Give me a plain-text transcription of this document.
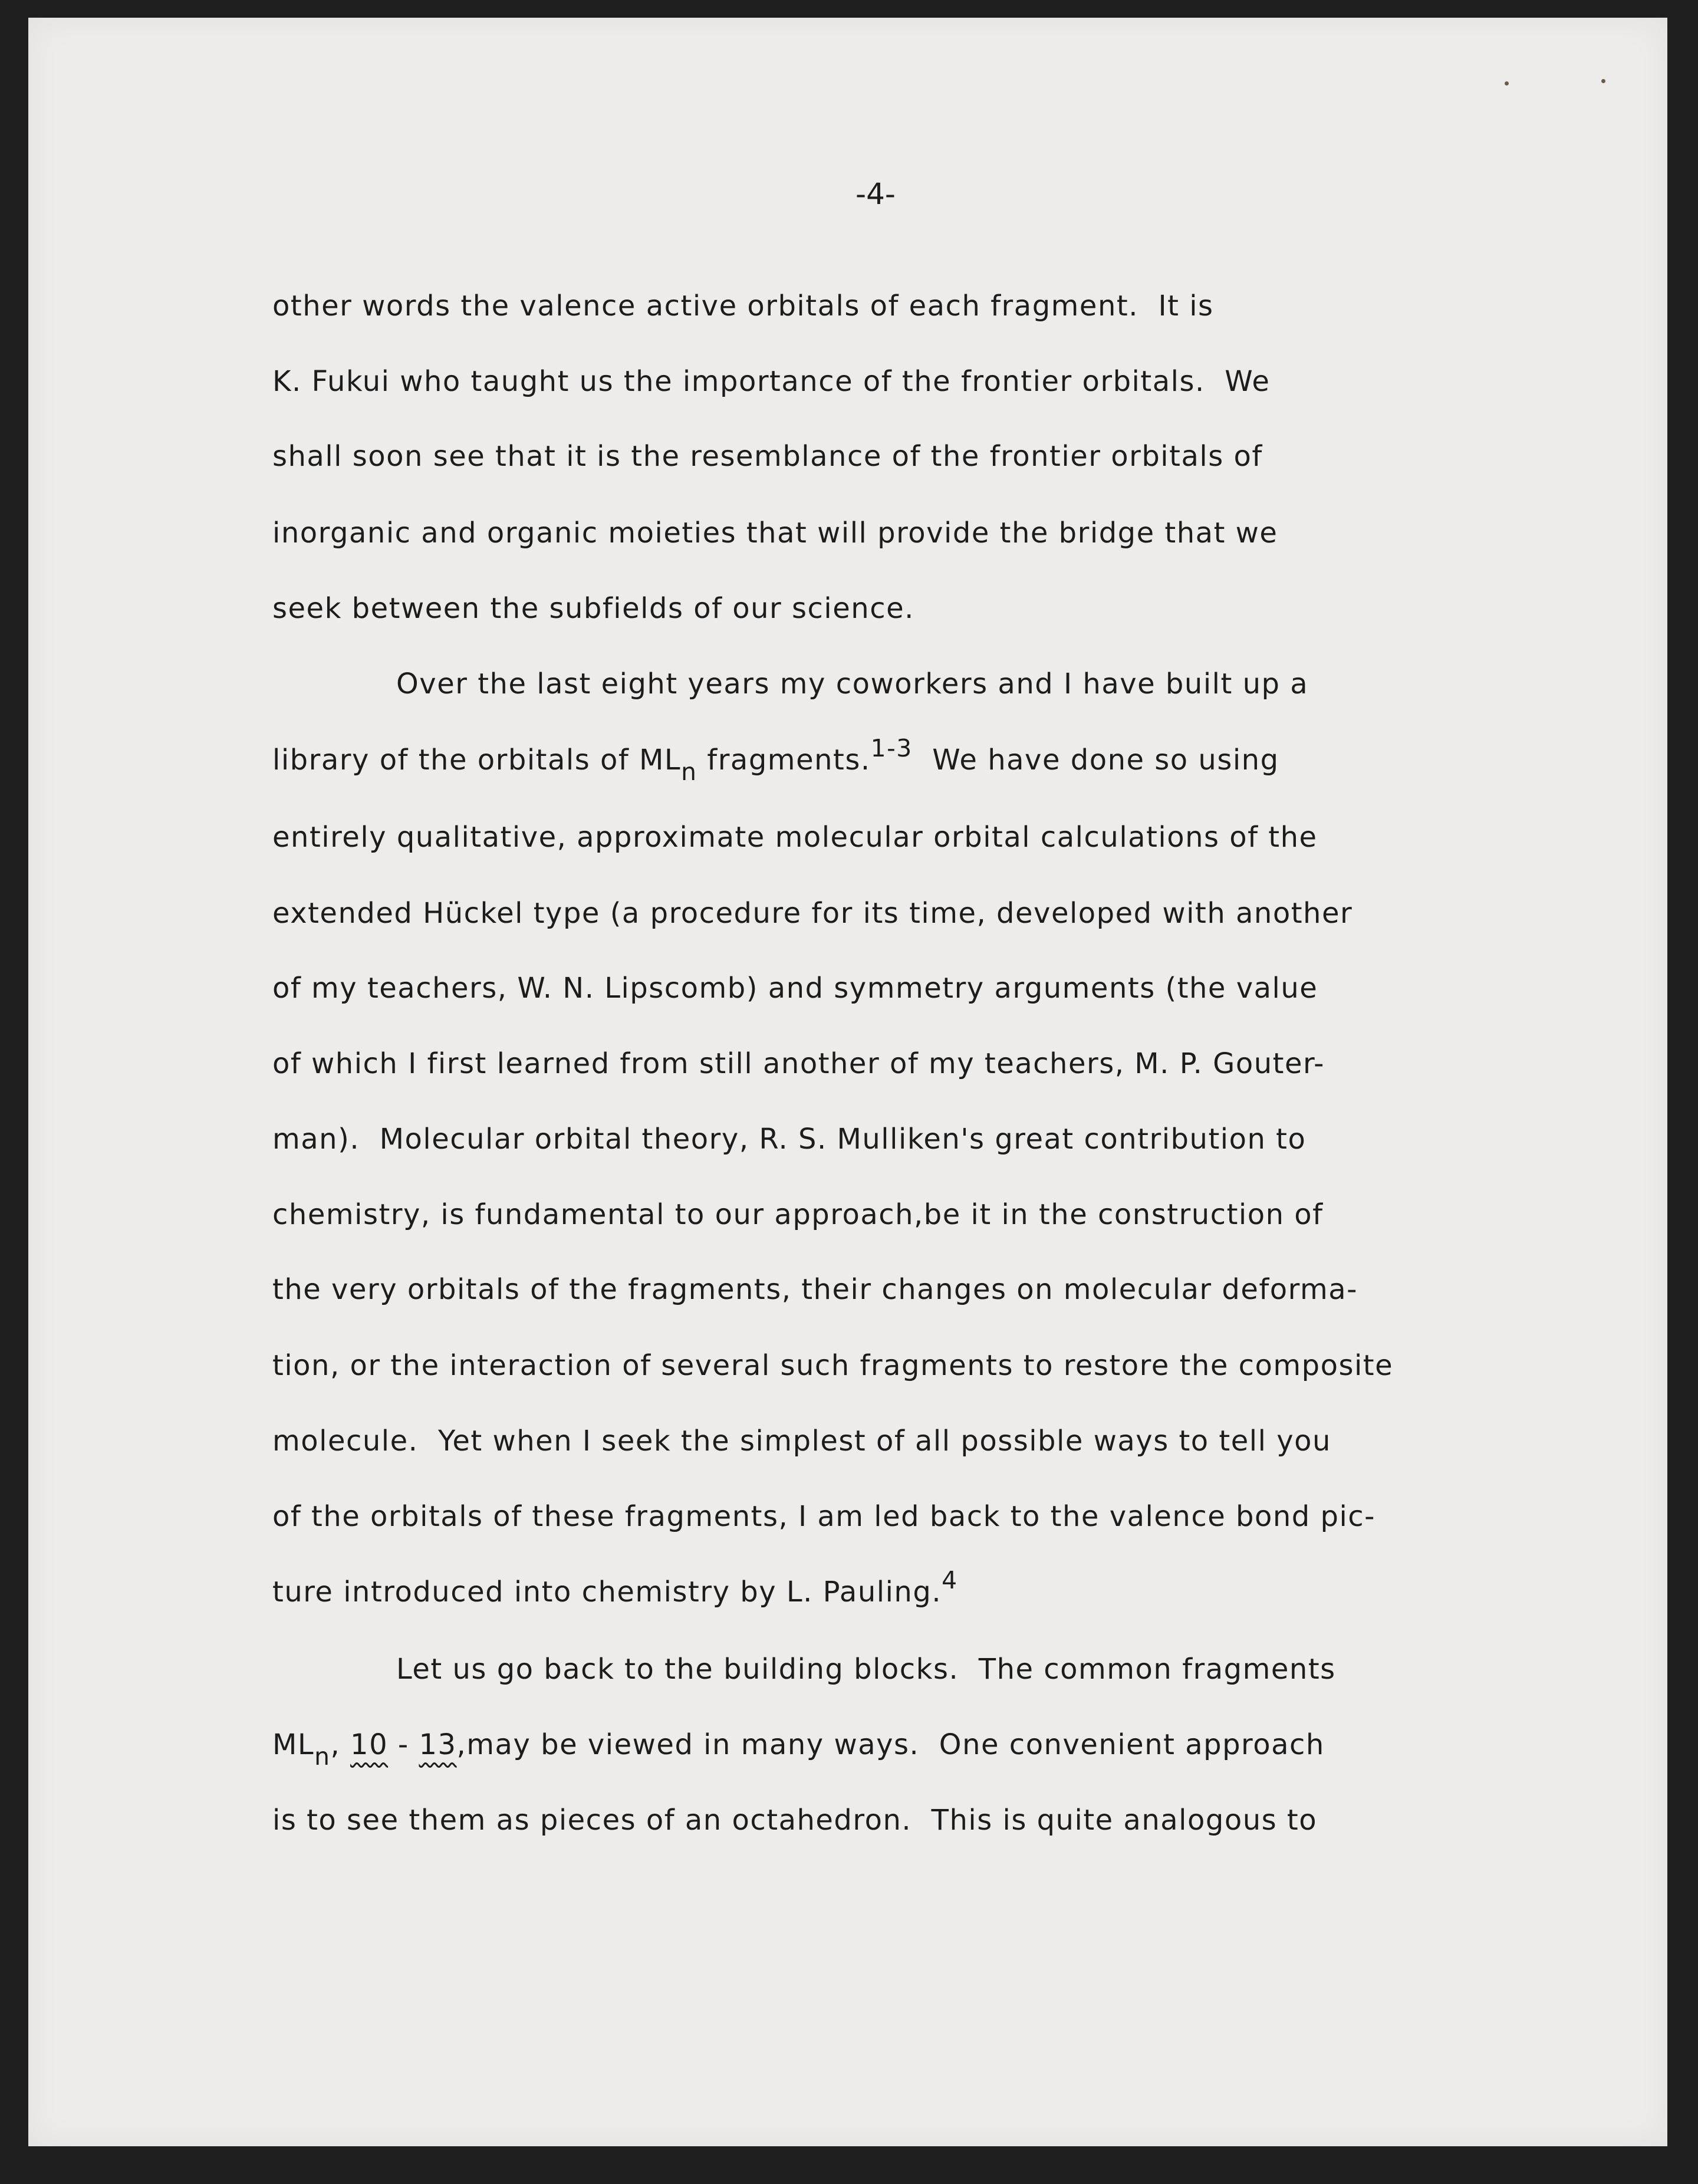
-4-
other words the valence active orbitals of each fragment.  It is
K. Fukui who taught us the importance of the frontier orbitals.  We
shall soon see that it is the resemblance of the frontier orbitals of
inorganic and organic moieties that will provide the bridge that we
seek between the subfields of our science.
Over the last eight years my coworkers and I have built up a
library of the orbitals of $ML_n$ fragments.$^{1-3}$  We have done so using
entirely qualitative, approximate molecular orbital calculations of the
extended Hückel type (a procedure for its time, developed with another
of my teachers, W. N. Lipscomb) and symmetry arguments (the value
of which I first learned from still another of my teachers, M. P. Gouter-
man).  Molecular orbital theory, R. S. Mulliken's great contribution to
chemistry, is fundamental to our approach,be it in the construction of
the very orbitals of the fragments, their changes on molecular deforma-
tion, or the interaction of several such fragments to restore the composite
molecule.  Yet when I seek the simplest of all possible ways to tell you
of the orbitals of these fragments, I am led back to the valence bond pic-
ture introduced into chemistry by L. Pauling.$^4$
Let us go back to the building blocks.  The common fragments
$ML_n$, 10 - 13,may be viewed in many ways.  One convenient approach
is to see them as pieces of an octahedron.  This is quite analogous to
